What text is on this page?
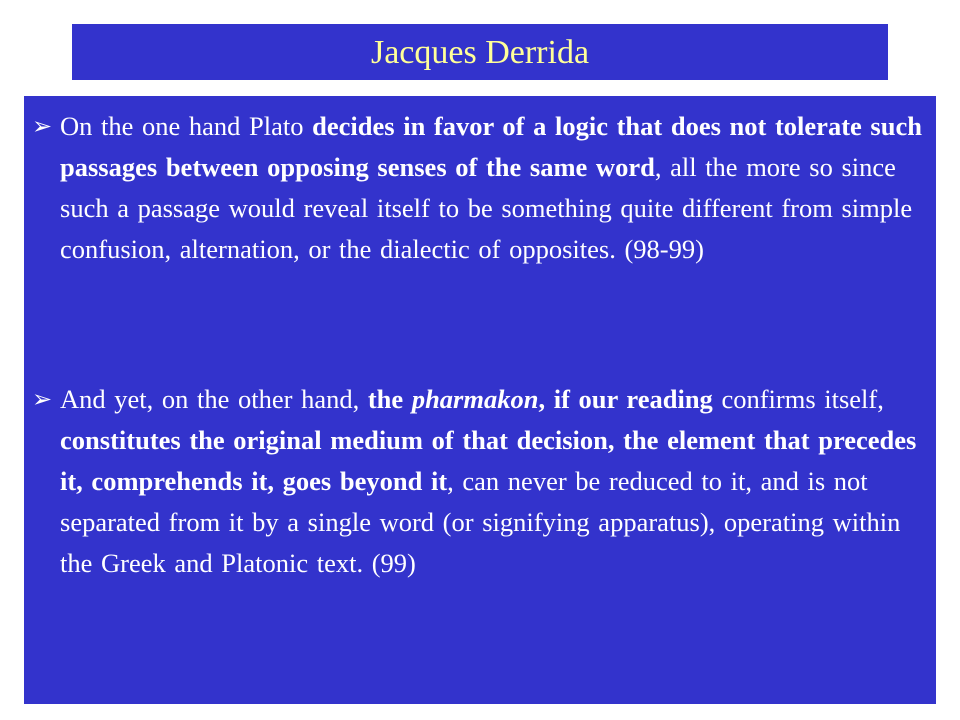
Jacques Derrida
➢ On the one hand Plato decides in favor of a logic that does not tolerate such passages between opposing senses of the same word, all the more so since such a passage would reveal itself to be something quite different from simple confusion, alternation, or the dialectic of opposites. (98-99)
➢ And yet, on the other hand, the pharmakon, if our reading confirms itself, constitutes the original medium of that decision, the element that precedes it, comprehends it, goes beyond it, can never be reduced to it, and is not separated from it by a single word (or signifying apparatus), operating within the Greek and Platonic text. (99)
